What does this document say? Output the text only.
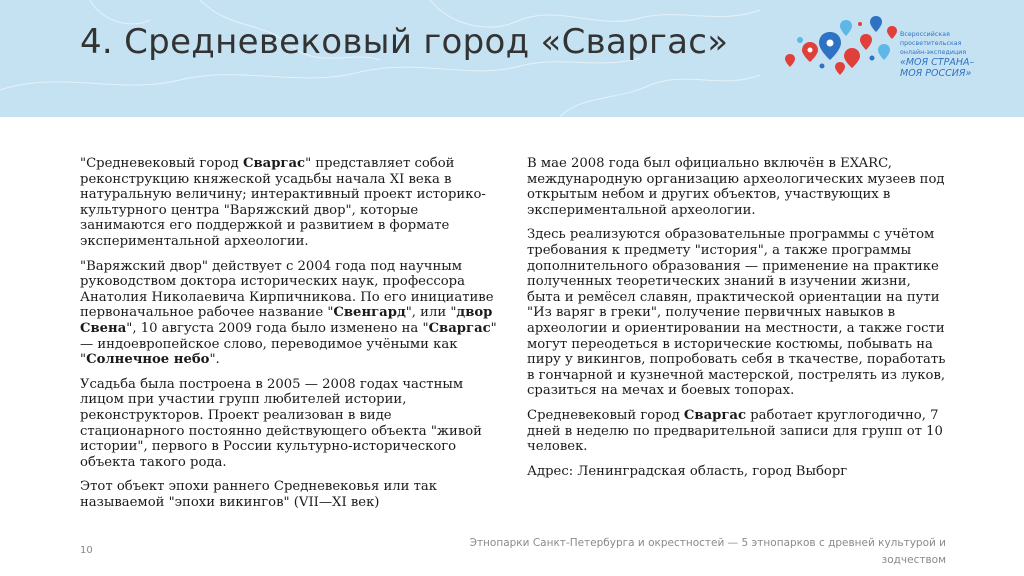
4. Средневековый город «Сваргас»	Всероссийская просветительская
онлайн-экспедиция
«МОЯ СТРАНА–
МОЯ РОССИЯ»

"Средневековый город Сваргас" представляет собой реконструкцию княжеской усадьбы начала XI века в натуральную величину; интерактивный проект историко-культурного центра "Варяжский двор", которые занимаются его поддержкой и развитием в формате экспериментальной археологии.

"Варяжский двор" действует с 2004 года под научным руководством доктора исторических наук, профессора Анатолия Николаевича Кирпичникова. По его инициативе первоначальное рабочее название "Свенгард", или "двор Свена", 10 августа 2009 года было изменено на "Сваргас" — индоевропейское слово, переводимое учёными как "Солнечное небо".

Усадьба была построена в 2005 — 2008 годах частным лицом при участии групп любителей истории, реконструкторов. Проект реализован в виде стационарного постоянно действующего объекта "живой истории", первого в России культурно-исторического объекта такого рода.

Этот объект эпохи раннего Средневековья или так называемой "эпохи викингов" (VII—XI век)

В мае 2008 года был официально включён в EXARC, международную организацию археологических музеев под открытым небом и других объектов, участвующих в экспериментальной археологии.

Здесь реализуются образовательные программы с учётом требования к предмету "история", а также программы дополнительного образования — применение на практике полученных теоретических знаний в изучении жизни, быта и ремёсел славян, практической ориентации на пути "Из варяг в греки", получение первичных навыков в археологии и ориентировании на местности, а также гости могут переодеться в исторические костюмы, побывать на пиру у викингов, попробовать себя в ткачестве, поработать в гончарной и кузнечной мастерской, пострелять из луков, сразиться на мечах и боевых топорах.

Средневековый город Сваргас работает круглогодично, 7 дней в неделю по предварительной записи для групп от 10 человек.

Адрес: Ленинградская область, город Выборг

10
Этнопарки Санкт-Петербурга и окрестностей — 5 этнопарков с древней культурой и зодчеством
